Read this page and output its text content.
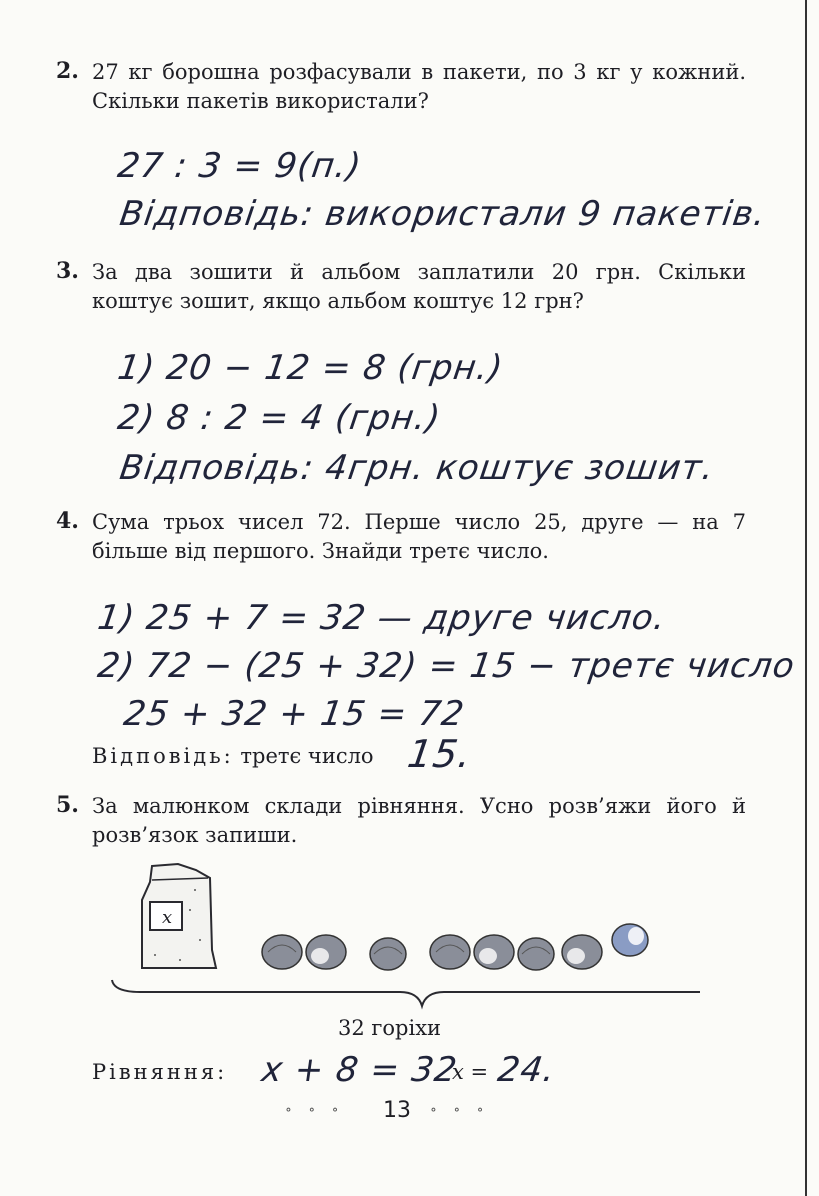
2. 27 кг борошна розфасували в пакети, по 3 кг у кожний. Скільки пакетів використали?
27 : 3 = 9(п.)
Відповідь: використали 9 пакетів.
3. За два зошити й альбом заплатили 20 грн. Скільки коштує зошит, якщо альбом коштує 12 грн?
1) 20 − 12 = 8 (грн.)
2) 8 : 2 = 4 (грн.)
Відповідь: 4грн. коштує зошит.
4. Сума трьох чисел 72. Перше число 25, друге — на 7 більше від першого. Знайди третє число.
1) 25 + 7 = 32 — друге число.
2) 72 − (25 + 32) = 15 − третє число
25 + 32 + 15 = 72
Відповідь: третє число 15.
5. За малюнком склади рівняння. Усно розв’яжи його й розв’язок запиши.
x
32 горіхи
Рівняння: x + 8 = 32
x = 24.
∘ ∘ ∘ 13 ∘ ∘ ∘
